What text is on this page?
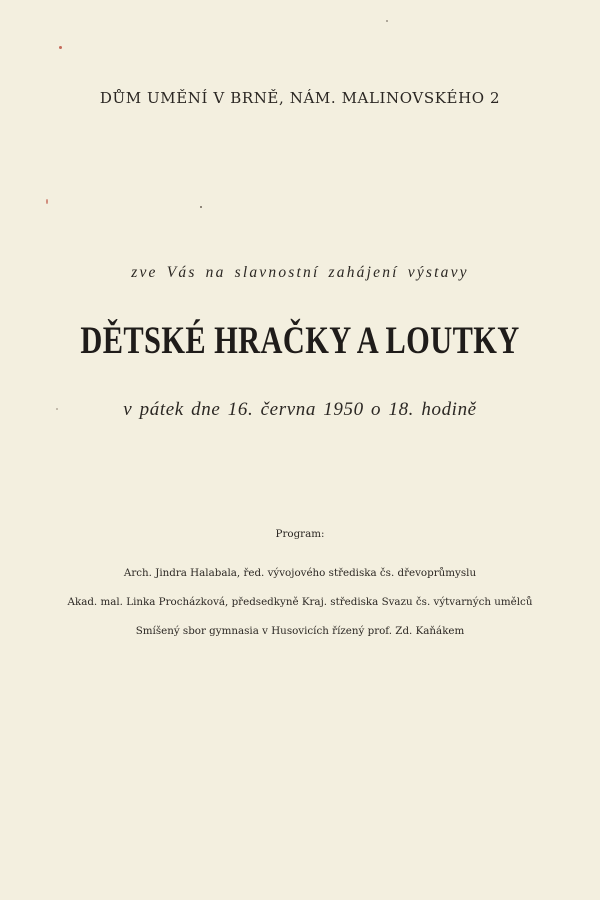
DŮM UMĚNÍ V BRNĚ, NÁM. MALINOVSKÉHO 2
zve Vás na slavnostní zahájení výstavy
DĚTSKÉ HRAČKY A LOUTKY
v pátek dne 16. června 1950 o 18. hodině
Program:
Arch. Jindra Halabala, řed. vývojového střediska čs. dřevoprůmyslu
Akad. mal. Linka Procházková, předsedkyně Kraj. střediska Svazu čs. výtvarných umělců
Smíšený sbor gymnasia v Husovicích řízený prof. Zd. Kaňákem
